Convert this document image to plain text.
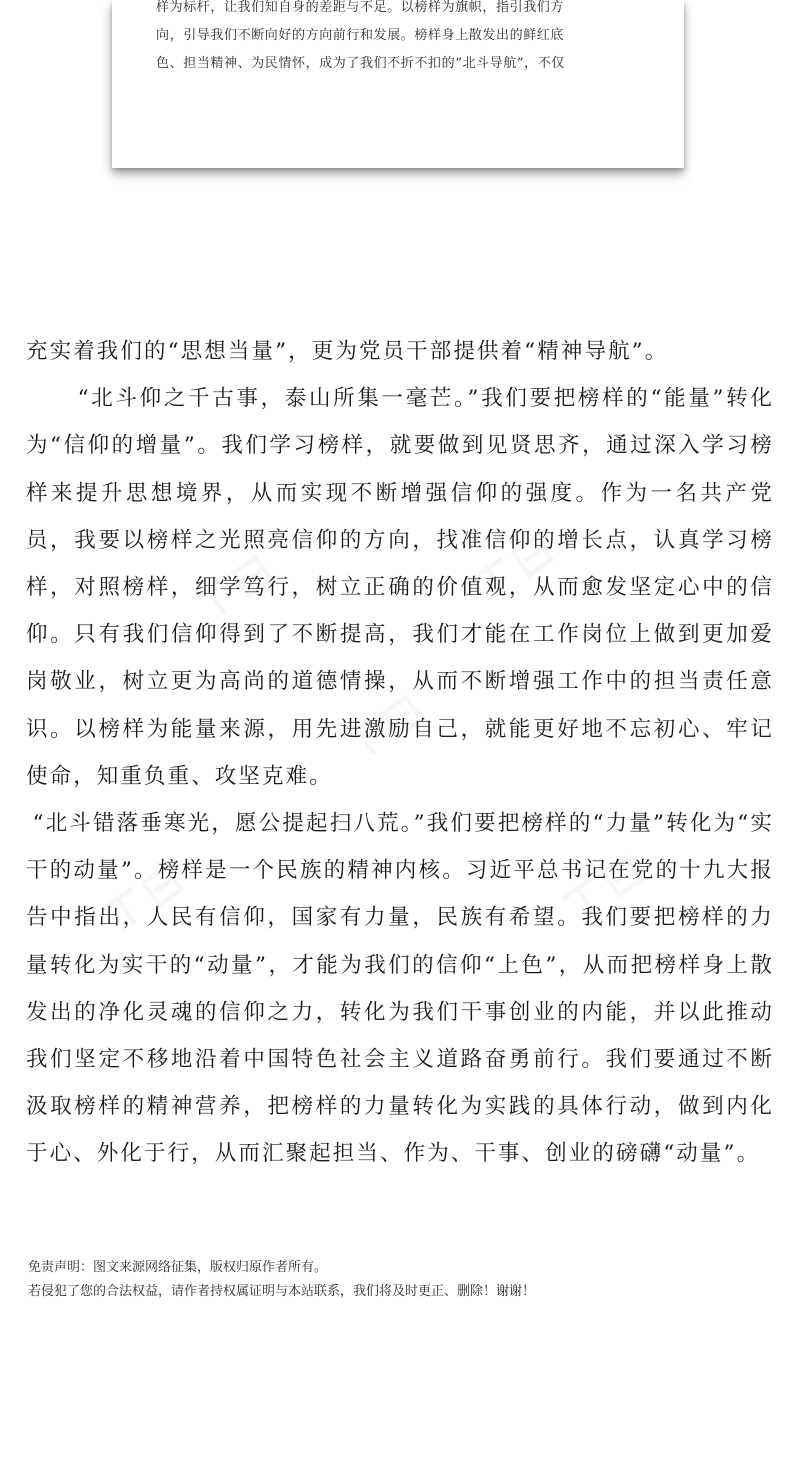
样为标杆，让我们知自身的差距与不足。以榜样为旗帜，指引我们方

向，引导我们不断向好的方向前行和发展。榜样身上散发出的鲜红底

色、担当精神、为民情怀，成为了我们不折不扣的“北斗导航”，不仅

⊤⊟	⊤⊟
⊤⊟
⊤⊟	⊤⊟

充实着我们的“思想当量”，更为党员干部提供着“精神导航”。

“北斗仰之千古事，泰山所集一毫芒。”我们要把榜样的“能量”转化为“信仰的增量”。我们学习榜样，就要做到见贤思齐，通过深入学习榜样来提升思想境界，从而实现不断增强信仰的强度。作为一名共产党员，我要以榜样之光照亮信仰的方向，找准信仰的增长点，认真学习榜样，对照榜样，细学笃行，树立正确的价值观，从而愈发坚定心中的信仰。只有我们信仰得到了不断提高，我们才能在工作岗位上做到更加爱岗敬业，树立更为高尚的道德情操，从而不断增强工作中的担当责任意识。以榜样为能量来源，用先进激励自己，就能更好地不忘初心、牢记使命，知重负重、攻坚克难。

“北斗错落垂寒光，愿公提起扫八荒。”我们要把榜样的“力量”转化为“实干的动量”。榜样是一个民族的精神内核。习近平总书记在党的十九大报告中指出，人民有信仰，国家有力量，民族有希望。我们要把榜样的力量转化为实干的“动量”，才能为我们的信仰“上色”，从而把榜样身上散发出的净化灵魂的信仰之力，转化为我们干事创业的内能，并以此推动我们坚定不移地沿着中国特色社会主义道路奋勇前行。我们要通过不断汲取榜样的精神营养，把榜样的力量转化为实践的具体行动，做到内化于心、外化于行，从而汇聚起担当、作为、干事、创业的磅礴“动量”。

免责声明：图文来源网络征集，版权归原作者所有。
若侵犯了您的合法权益，请作者持权属证明与本站联系，我们将及时更正、删除！谢谢！
